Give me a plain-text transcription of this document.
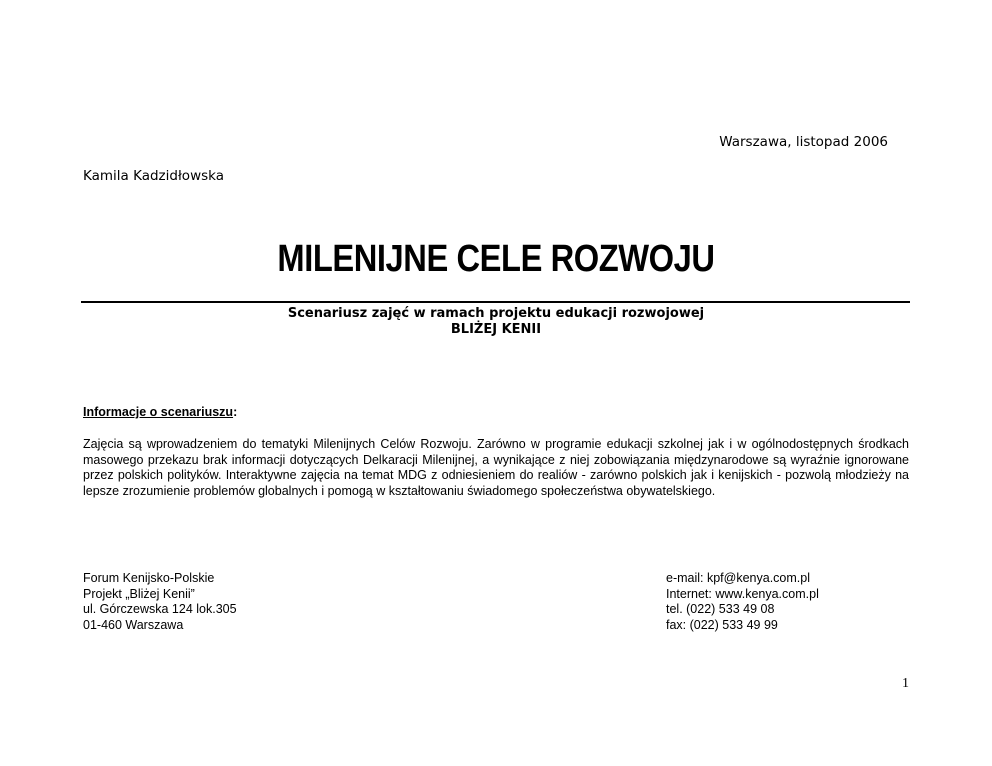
Warszawa, listopad 2006
Kamila Kadzidłowska
MILENIJNE CELE ROZWOJU
Scenariusz zajęć w ramach projektu edukacji rozwojowej
BLIŻEJ KENII
Informacje o scenariuszu:
Zajęcia są wprowadzeniem do tematyki Milenijnych Celów Rozwoju. Zarówno w programie edukacji szkolnej jak i w ogólnodostępnych środkach masowego przekazu brak informacji dotyczących Delkaracji Milenijnej, a wynikające z niej zobowiązania międzynarodowe są wyraźnie ignorowane przez polskich polityków. Interaktywne zajęcia na temat MDG z odniesieniem do realiów - zarówno polskich jak i kenijskich - pozwolą młodzieży na lepsze zrozumienie problemów globalnych i pomogą w kształtowaniu świadomego społeczeństwa obywatelskiego.
Forum Kenijsko-Polskie
Projekt „Bliżej Kenii”
ul. Górczewska 124 lok.305
01-460 Warszawa
e-mail: kpf@kenya.com.pl
Internet: www.kenya.com.pl
tel. (022) 533 49 08
fax: (022) 533 49 99
1
